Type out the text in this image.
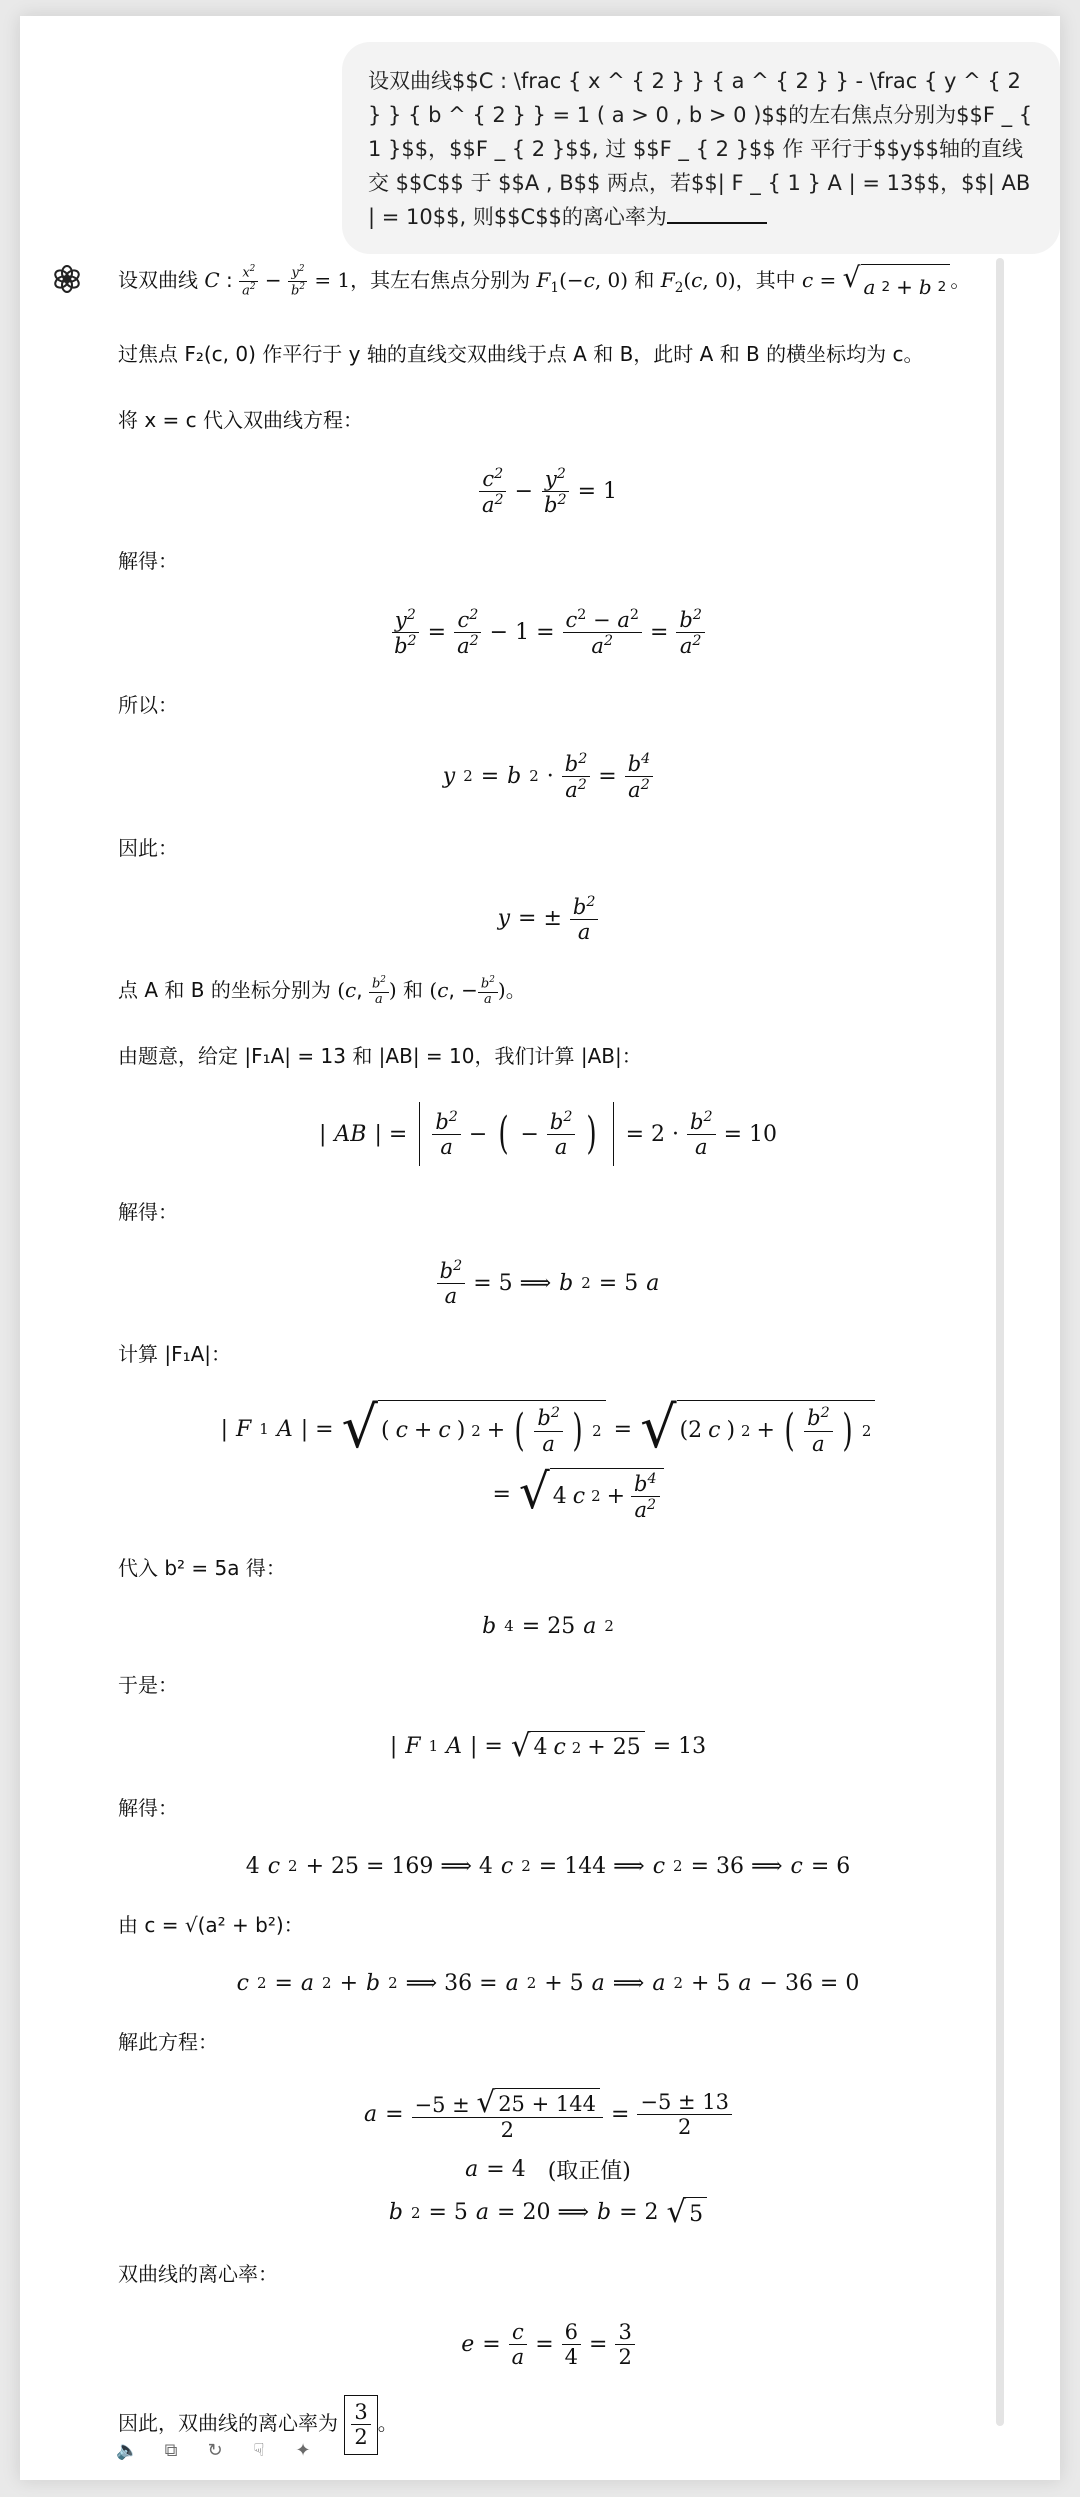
设双曲线$$C : \frac { x ^ { 2 } } { a ^ { 2 } } - \frac { y ^ { 2 } } { b ^ { 2 } } = 1 ( a > 0 , b > 0 )$$的左右焦点分别为$$F _ { 1 }$$，$$F _ { 2 }$$, 过 $$F _ { 2 }$$ 作 平行于$$y$$轴的直线交 $$C$$ 于 $$A , B$$ 两点，若$$| F _ { 1 } A | = 13$$，$$| AB | = 10$$, 则$$C$$的离心率为
设双曲线 C : $\frac{x^2}{a^2} - \frac{y^2}{b^2} = 1$，其左右焦点分别为 $F_1(-c$, 0) 和 $F_2(c$, 0)，其中 c = √ a 2 + b 2 。
过焦点 F₂(c, 0) 作平行于 y 轴的直线交双曲线于点 A 和 B，此时 A 和 B 的横坐标均为 c。
将 x = c 代入双曲线方程：
$\frac{c^2}{a^2} - \frac{y^2}{b^2} = 1$
解得：
$\frac{y^2}{b^2} = \frac{c^2}{a^2} - 1 = \frac{c^2 - a^2}{a^2} = \frac{b^2}{a^2}$
所以：
y 2 = b $2 \cdot \frac{b^2}{a^2} = \frac{b^4}{a^2}$
因此：
y = ± $\frac{b^2}{a}$
点 A 和 B 的坐标分别为 (c, $\frac{b^2}{a}$ ) 和 (c, − $\frac{b^2}{a}$ )。
由题意，给定 |F₁A| = 13 和 |AB| = 10，我们计算 |AB|：
| AB | = $\frac{b^2}{a}$ − ( − $\frac{b^2}{a}$ ) = $2 \cdot \frac{b^2}{a} = 10$
解得：
$\frac{b^2}{a} = 5$ ⟹ b 2 = 5 a
计算 |F₁A|：
| F 1 A | = √ ( c + c ) 2 + ( $\frac{b^2}{a}$ ) 2 = √ (2 c ) 2 + ( $\frac{b^2}{a}$ ) 2
= √ 4 c $2 + \frac{b^4}{a^2}$
代入 b² = 5a 得：
b 4 = 25 a 2
于是：
| F 1 A | = √ 4 c 2 + 25 = 13
解得：
4 c 2 + 25 = 169 ⟹ 4 c 2 = 144 ⟹ c 2 = 36 ⟹ c = 6
由 c = √(a² + b²)：
c 2 = a 2 + b 2 ⟹ 36 = a 2 + 5 a ⟹ a 2 + 5 a − 36 = 0
解此方程：
$a = \frac{-5 \pm √ 25 + 144}{2} = \frac{-5 \pm 13}{2}$
a = 4 (取正值)
b 2 = 5 a = 20 ⟹ b = 2 √ 5
双曲线的离心率：
$e = \frac{c}{a} = \frac{6}{4} = \frac{3}{2}$
因此，双曲线的离心率为 $\frac{3}{2}$ 。
🔈 ⧉ ↻	☟	✦
